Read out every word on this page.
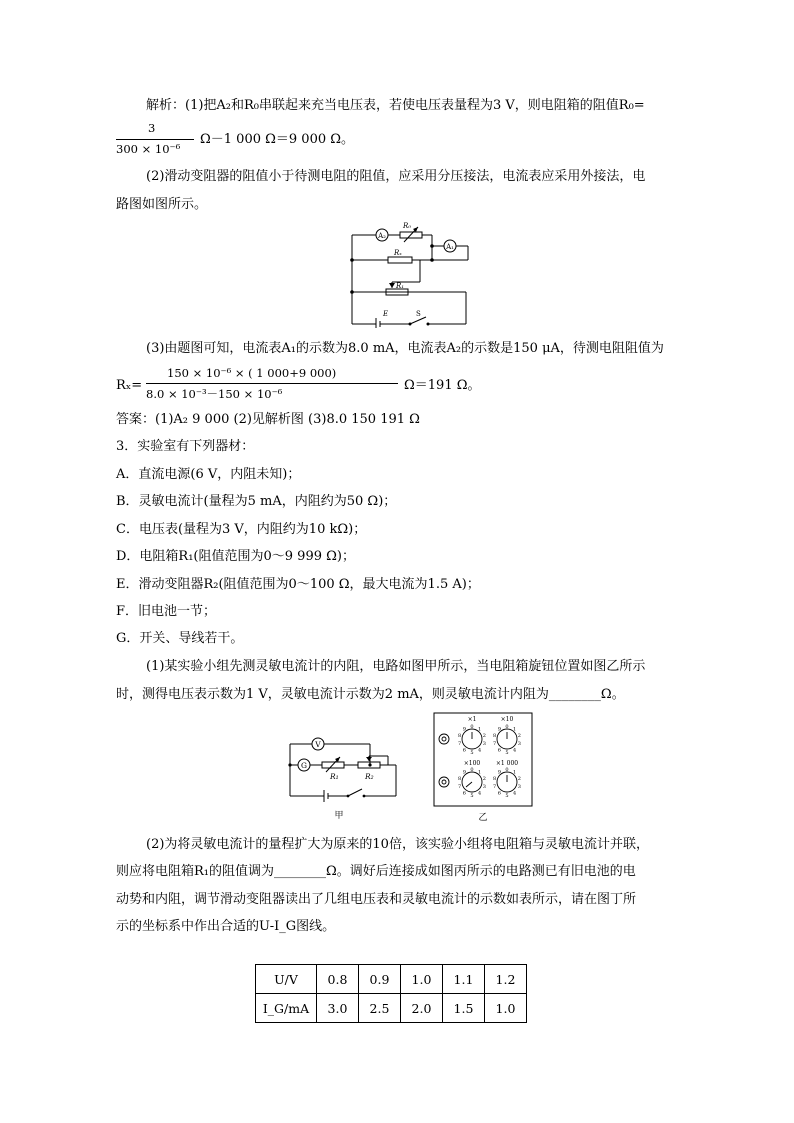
解析：(1)把A₂和R₀串联起来充当电压表，若使电压表量程为3 V，则电阻箱的阻值R₀=
3
300 × 10⁻⁶
Ω－1 000 Ω＝9 000 Ω。
(2)滑动变阻器的阻值小于待测电阻的阻值，应采用分压接法，电流表应采用外接法，电
路图如图所示。
A₂
R₀
A₁
Rₓ
R₁
E	S
(3)由题图可知，电流表A₁的示数为8.0 mA，电流表A₂的示数是150 μA，待测电阻阻值为
Rₓ=
150 × 10⁻⁶ × ( 1 000+9 000)
8.0 × 10⁻³－150 × 10⁻⁶
Ω＝191 Ω。
答案：(1)A₂ 9 000 (2)见解析图 (3)8.0 150 191 Ω
3．实验室有下列器材：
A．直流电源(6 V，内阻未知)；
B．灵敏电流计(量程为5 mA，内阻约为50 Ω)；
C．电压表(量程为3 V，内阻约为10 kΩ)；
D．电阻箱R₁(阻值范围为0～9 999 Ω)；
E．滑动变阻器R₂(阻值范围为0～100 Ω，最大电流为1.5 A)；
F．旧电池一节；
G．开关、导线若干。
(1)某实验小组先测灵敏电流计的内阻，电路如图甲所示，当电阻箱旋钮位置如图乙所示
时，测得电压表示数为1 V，灵敏电流计示数为2 mA，则灵敏电流计内阻为________Ω。
V
G
R₁	R₂
甲
×1	×10
×100	×1 000
0 1
2
3
4
5
6
7
8
9	0 1
2
3
4
5
6
7
8
9
0 1
2
3
4
5
6
7
8
9	0 1
2
3
4
5
6
7
8
9
乙
(2)为将灵敏电流计的量程扩大为原来的10倍，该实验小组将电阻箱与灵敏电流计并联，
则应将电阻箱R₁的阻值调为________Ω。调好后连接成如图丙所示的电路测已有旧电池的电
动势和内阻，调节滑动变阻器读出了几组电压表和灵敏电流计的示数如表所示，请在图丁所
示的坐标系中作出合适的U-I_G图线。
U/V	0.8	0.9	1.0	1.1	1.2
I_G/mA	3.0	2.5	2.0	1.5	1.0
